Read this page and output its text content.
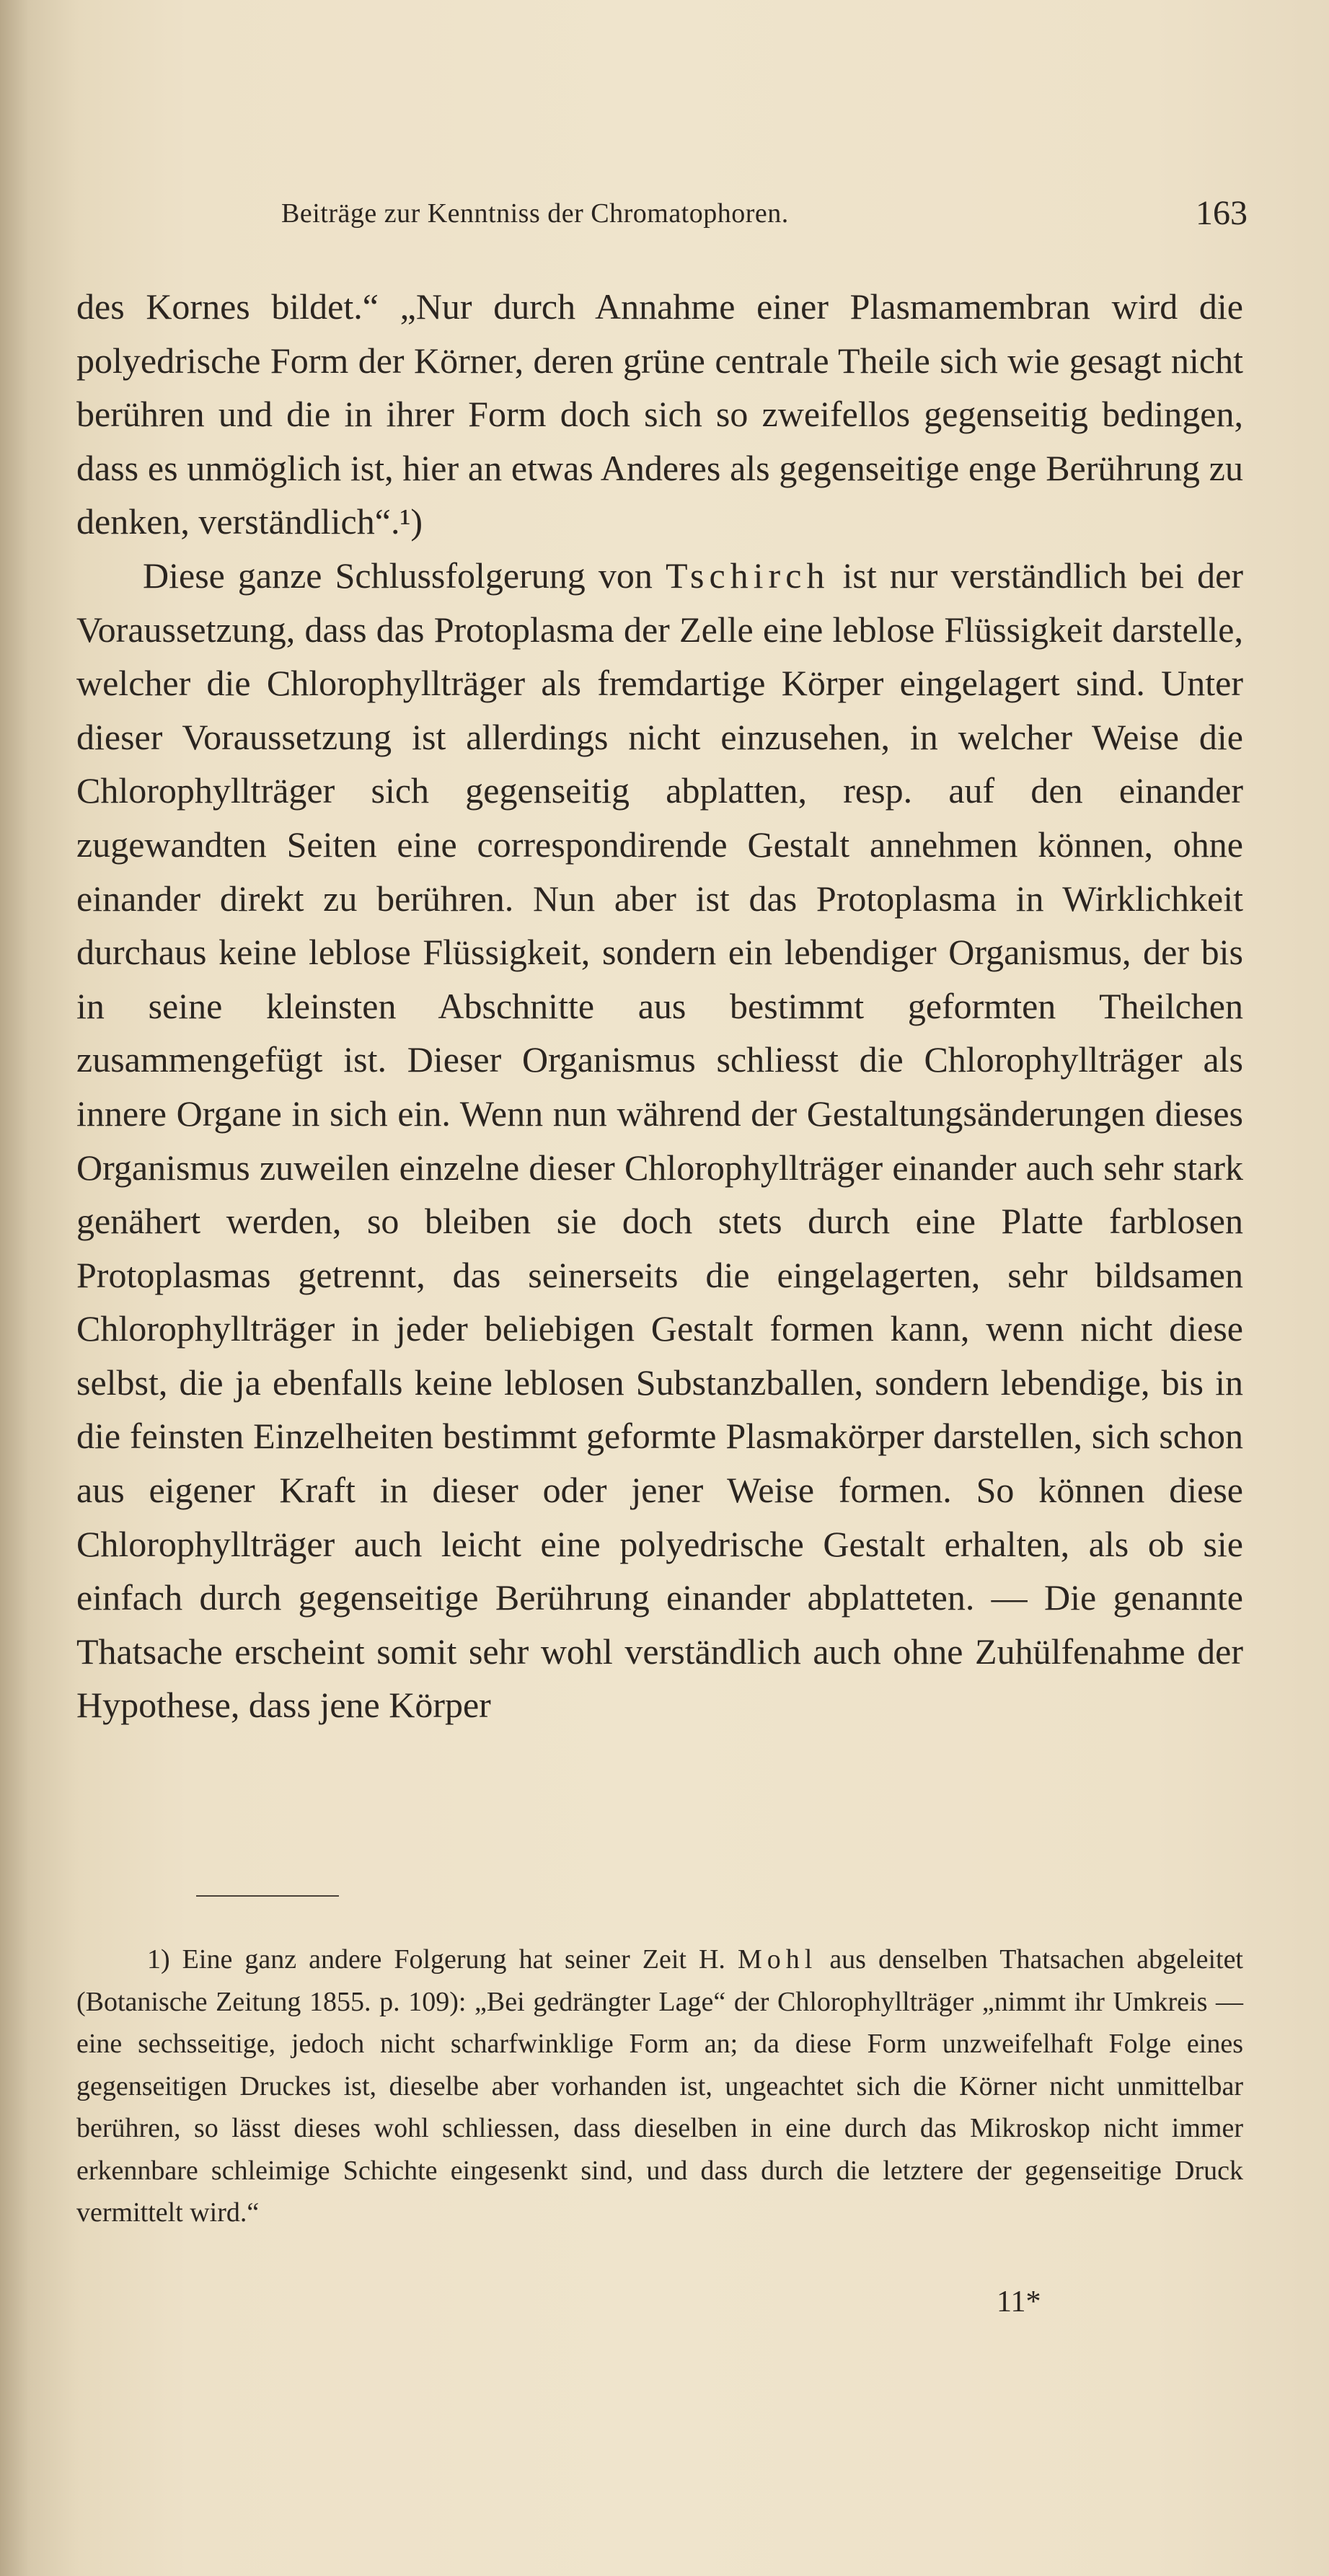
Beiträge zur Kenntniss der Chromatophoren.	163

des Kornes bildet.“ „Nur durch Annahme einer Plasmamembran wird die polyedrische Form der Körner, deren grüne centrale Theile sich wie gesagt nicht berühren und die in ihrer Form doch sich so zweifellos gegenseitig bedingen, dass es unmöglich ist, hier an etwas Anderes als gegenseitige enge Berührung zu denken, verständlich“.¹)

Diese ganze Schlussfolgerung von Tschirch ist nur verständlich bei der Voraussetzung, dass das Protoplasma der Zelle eine leblose Flüssigkeit darstelle, welcher die Chlorophyllträger als fremdartige Körper eingelagert sind. Unter dieser Voraussetzung ist allerdings nicht einzusehen, in welcher Weise die Chlorophyllträger sich gegenseitig abplatten, resp. auf den einander zugewandten Seiten eine correspondirende Gestalt annehmen können, ohne einander direkt zu berühren. Nun aber ist das Protoplasma in Wirklichkeit durchaus keine leblose Flüssigkeit, sondern ein lebendiger Organismus, der bis in seine kleinsten Abschnitte aus bestimmt geformten Theilchen zusammengefügt ist. Dieser Organismus schliesst die Chlorophyllträger als innere Organe in sich ein. Wenn nun während der Gestaltungsänderungen dieses Organismus zuweilen einzelne dieser Chlorophyllträger einander auch sehr stark genähert werden, so bleiben sie doch stets durch eine Platte farblosen Protoplasmas getrennt, das seinerseits die eingelagerten, sehr bildsamen Chlorophyllträger in jeder beliebigen Gestalt formen kann, wenn nicht diese selbst, die ja ebenfalls keine leblosen Substanzballen, sondern lebendige, bis in die feinsten Einzelheiten bestimmt geformte Plasmakörper darstellen, sich schon aus eigener Kraft in dieser oder jener Weise formen. So können diese Chlorophyllträger auch leicht eine polyedrische Gestalt erhalten, als ob sie einfach durch gegenseitige Berührung einander abplatteten. — Die genannte Thatsache erscheint somit sehr wohl verständlich auch ohne Zuhülfenahme der Hypothese, dass jene Körper

1) Eine ganz andere Folgerung hat seiner Zeit H. Mohl aus denselben Thatsachen abgeleitet (Botanische Zeitung 1855. p. 109): „Bei gedrängter Lage“ der Chlorophyllträger „nimmt ihr Umkreis — eine sechsseitige, jedoch nicht scharfwinklige Form an; da diese Form unzweifelhaft Folge eines gegenseitigen Druckes ist, dieselbe aber vorhanden ist, ungeachtet sich die Körner nicht unmittelbar berühren, so lässt dieses wohl schliessen, dass dieselben in eine durch das Mikroskop nicht immer erkennbare schleimige Schichte eingesenkt sind, und dass durch die letztere der gegenseitige Druck vermittelt wird.“
11*
